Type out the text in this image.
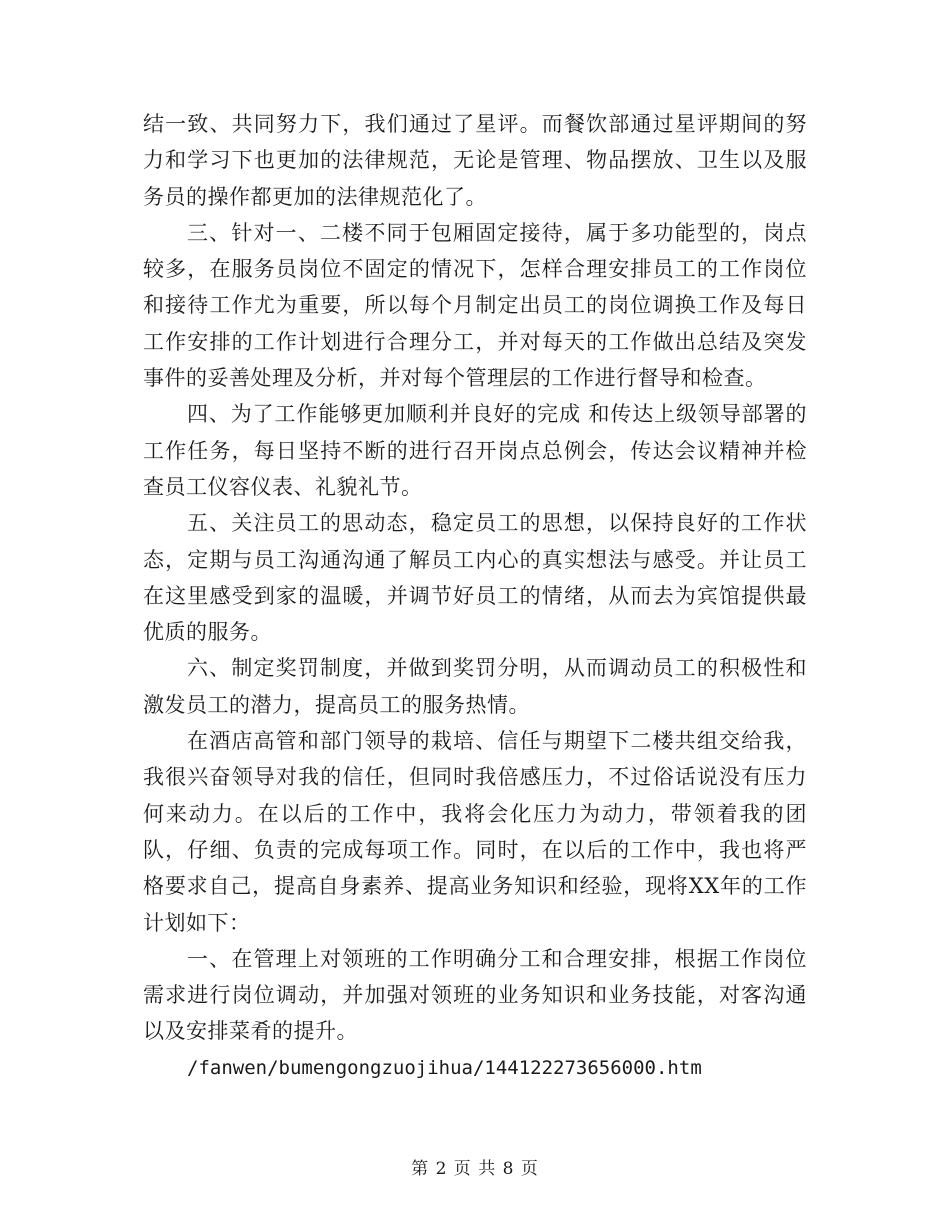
结一致、共同努力下，我们通过了星评。而餐饮部通过星评期间的努力和学习下也更加的法律规范，无论是管理、物品摆放、卫生以及服务员的操作都更加的法律规范化了。

三、针对一、二楼不同于包厢固定接待，属于多功能型的，岗点较多，在服务员岗位不固定的情况下，怎样合理安排员工的工作岗位和接待工作尤为重要，所以每个月制定出员工的岗位调换工作及每日工作安排的工作计划进行合理分工，并对每天的工作做出总结及突发事件的妥善处理及分析，并对每个管理层的工作进行督导和检查。

四、为了工作能够更加顺利并良好的完成 和传达上级领导部署的工作任务，每日坚持不断的进行召开岗点总例会，传达会议精神并检查员工仪容仪表、礼貌礼节。

五、关注员工的思动态，稳定员工的思想，以保持良好的工作状态，定期与员工沟通沟通了解员工内心的真实想法与感受。并让员工在这里感受到家的温暖，并调节好员工的情绪，从而去为宾馆提供最优质的服务。

六、制定奖罚制度，并做到奖罚分明，从而调动员工的积极性和激发员工的潜力，提高员工的服务热情。

在酒店高管和部门领导的栽培、信任与期望下二楼共组交给我，我很兴奋领导对我的信任，但同时我倍感压力，不过俗话说没有压力何来动力。在以后的工作中，我将会化压力为动力，带领着我的团队，仔细、负责的完成每项工作。同时，在以后的工作中，我也将严格要求自己，提高自身素养、提高业务知识和经验，现将XX年的工作计划如下：

一、在管理上对领班的工作明确分工和合理安排，根据工作岗位需求进行岗位调动，并加强对领班的业务知识和业务技能，对客沟通以及安排菜肴的提升。

/fanwen/bumengongzuojihua/144122273656000.htm

第 2 页 共 8 页
